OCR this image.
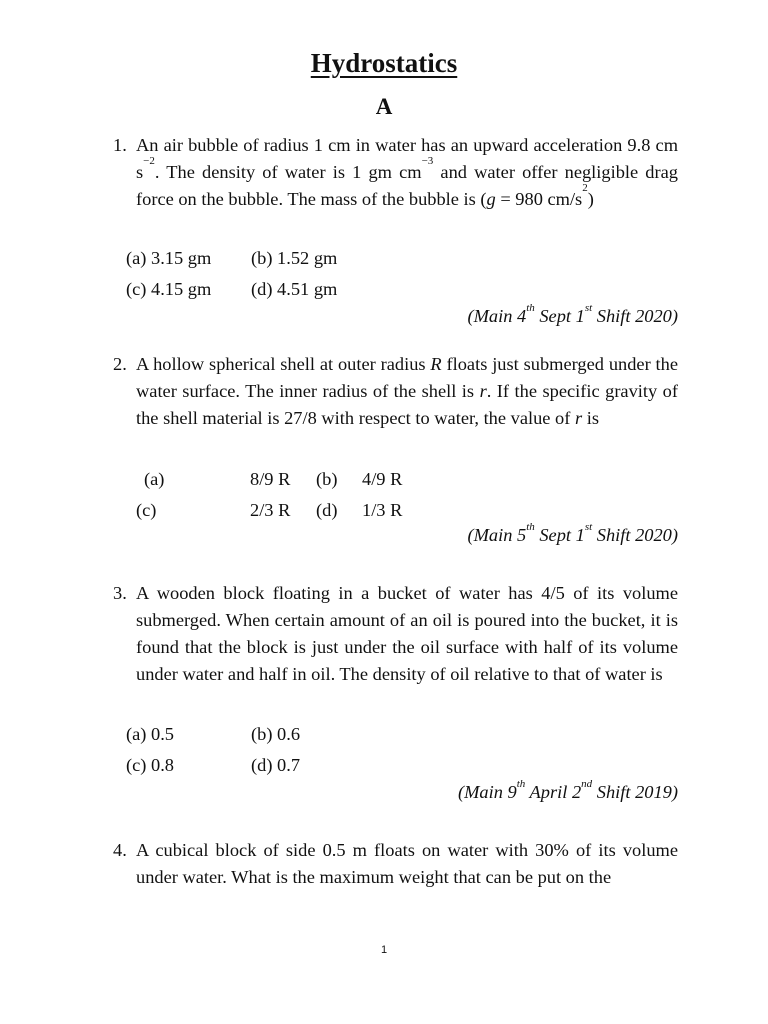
Hydrostatics
A
1. An air bubble of radius 1 cm in water has an upward acceleration 9.8 cm $s^{-2}$. The density of water is 1 gm $cm^{-3}$ and water offer negligible drag force on the bubble. The mass of the bubble is (g = 980 $cm/s^2$)
(a) 3.15 gm (b) 1.52 gm
(c) 4.15 gm (d) 4.51 gm
(Main 4th Sept 1st Shift 2020)
2. A hollow spherical shell at outer radius R floats just submerged under the water surface. The inner radius of the shell is r. If the specific gravity of the shell material is 27/8 with respect to water, the value of r is
(a)	8/9 R (b) 4/9 R
(c)	2/3 R (d) 1/3 R
(Main 5th Sept 1st Shift 2020)
3. A wooden block floating in a bucket of water has 4/5 of its volume submerged. When certain amount of an oil is poured into the bucket, it is found that the block is just under the oil surface with half of its volume under water and half in oil. The density of oil relative to that of water is
(a) 0.5	(b) 0.6
(c) 0.8	(d) 0.7
(Main 9th April 2nd Shift 2019)
4. A cubical block of side 0.5 m floats on water with 30% of its volume under water. What is the maximum weight that can be put on the
1
